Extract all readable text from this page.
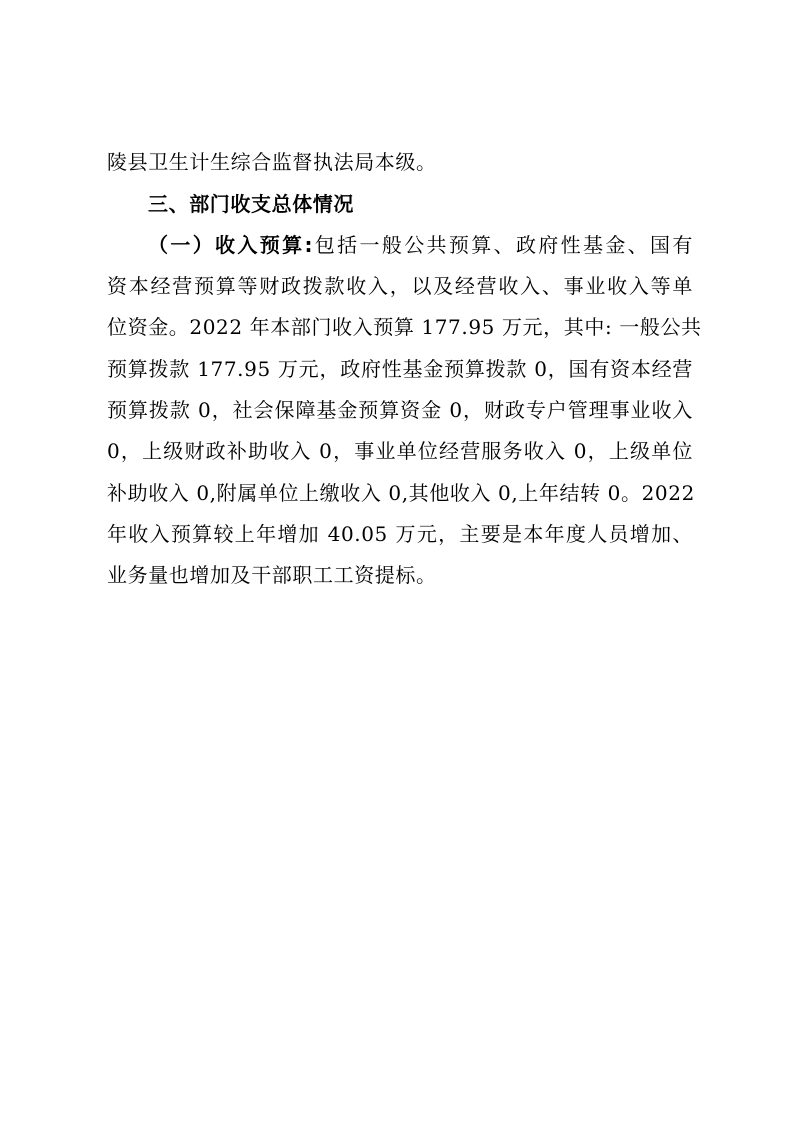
陵县卫生计生综合监督执法局本级。
三、部门收支总体情况
（一）收入预算:包括一般公共预算、政府性基金、国有
资本经营预算等财政拨款收入，以及经营收入、事业收入等单
位资金。2022 年本部门收入预算 177.95 万元，其中: 一般公共
预算拨款 177.95 万元，政府性基金预算拨款 0，国有资本经营
预算拨款 0，社会保障基金预算资金 0，财政专户管理事业收入
0，上级财政补助收入 0，事业单位经营服务收入 0，上级单位
补助收入 0,附属单位上缴收入 0,其他收入 0,上年结转 0。2022
年收入预算较上年增加 40.05 万元，主要是本年度人员增加、
业务量也增加及干部职工工资提标。
